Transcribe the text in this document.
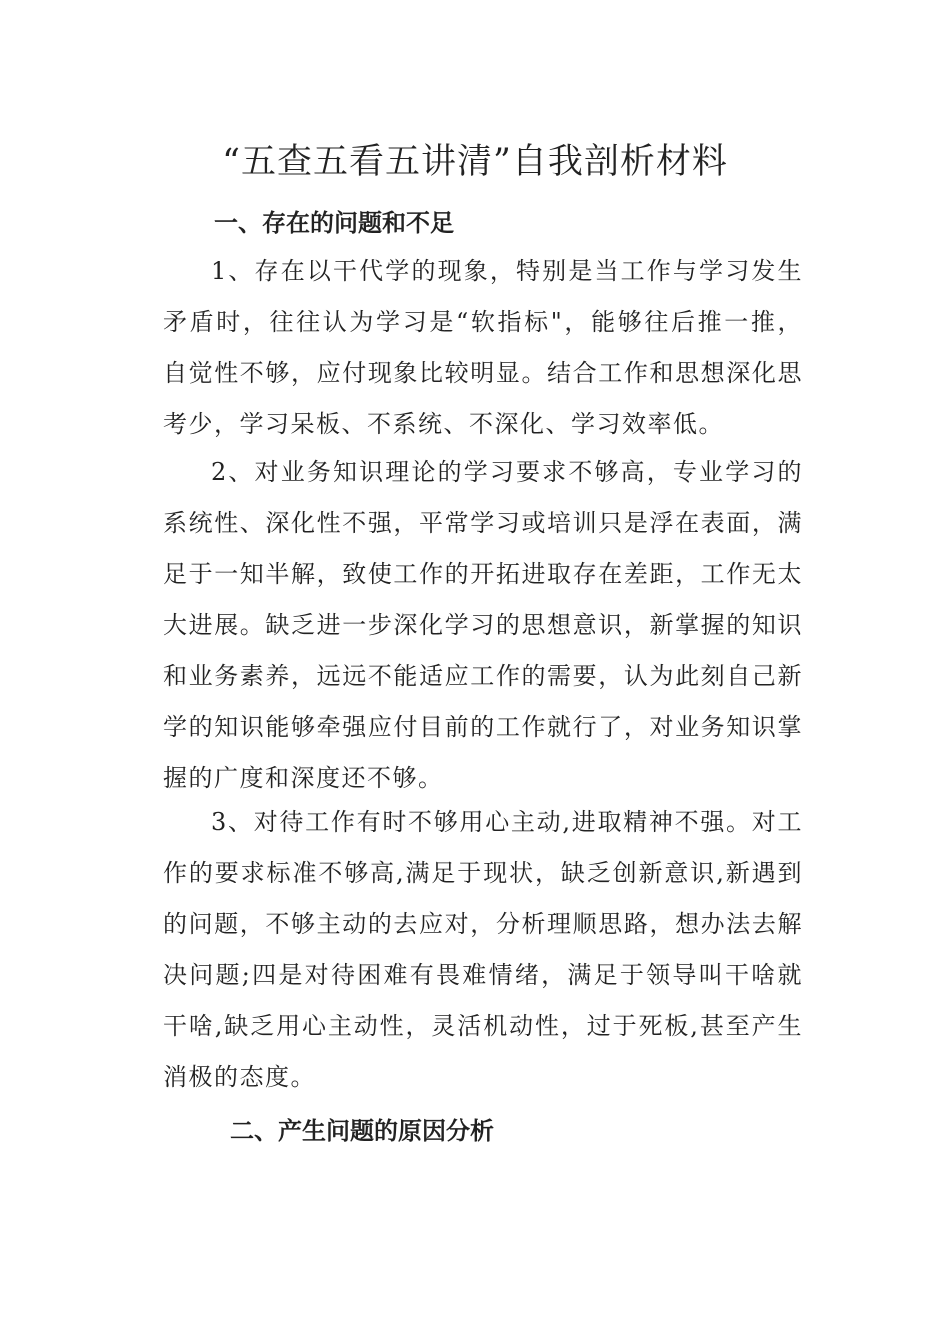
“五查五看五讲清”自我剖析材料
一、存在的问题和不足
1、存在以干代学的现象，特别是当工作与学习发生
矛盾时，往往认为学习是“软指标"，能够往后推一推，
自觉性不够，应付现象比较明显。结合工作和思想深化思
考少，学习呆板、不系统、不深化、学习效率低。
2、对业务知识理论的学习要求不够高，专业学习的
系统性、深化性不强，平常学习或培训只是浮在表面，满
足于一知半解，致使工作的开拓进取存在差距，工作无太
大进展。缺乏进一步深化学习的思想意识，新掌握的知识
和业务素养，远远不能适应工作的需要，认为此刻自己新
学的知识能够牵强应付目前的工作就行了，对业务知识掌
握的广度和深度还不够。
3、对待工作有时不够用心主动,进取精神不强。对工
作的要求标准不够高,满足于现状，缺乏创新意识,新遇到
的问题，不够主动的去应对，分析理顺思路，想办法去解
决问题;四是对待困难有畏难情绪，满足于领导叫干啥就
干啥,缺乏用心主动性，灵活机动性，过于死板,甚至产生
消极的态度。
二、产生问题的原因分析
